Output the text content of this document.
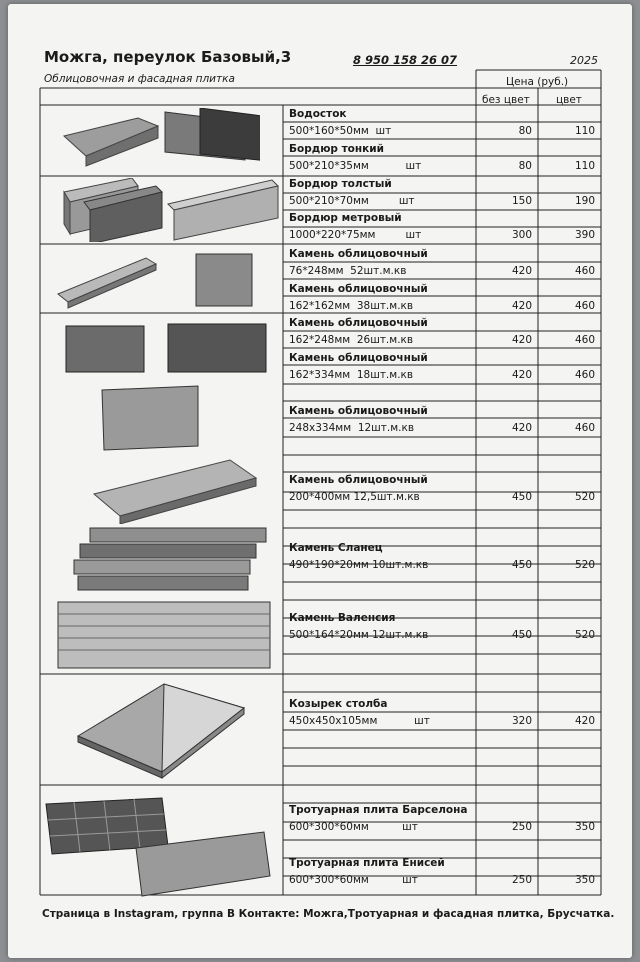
Можга, переулок Базовый,3	8 950 158 26 07	2025
Облицовочная и фасадная плитка	Цена (руб.)
без цвет цвет
Водосток
500*160*50мм  шт	80	110
Бордюр тонкий
500*210*35мм           шт	80	110
Бордюр толстый
500*210*70мм         шт	150	190
Бордюр метровый
1000*220*75мм         шт	300	390
Камень облицовочный
76*248мм  52шт.м.кв	420	460
Камень облицовочный
162*162мм  38шт.м.кв	420	460
Камень облицовочный
162*248мм  26шт.м.кв	420	460
Камень облицовочный
162*334мм  18шт.м.кв	420	460
Камень облицовочный
248х334мм  12шт.м.кв	420	460
Камень облицовочный
200*400мм 12,5шт.м.кв	450	520
Камень Сланец
490*190*20мм 10шт.м.кв	450	520
Камень Валенсия
500*164*20мм 12шт.м.кв	450	520
Козырек столба
450х450х105мм           шт	320	420
Тротуарная плита Барселона
600*300*60мм          шт	250	350
Тротуарная плита Енисей
600*300*60мм          шт	250	350
Страница в Instagram, группа В Контакте: Можга,Тротуарная и фасадная плитка, Брусчатка.
